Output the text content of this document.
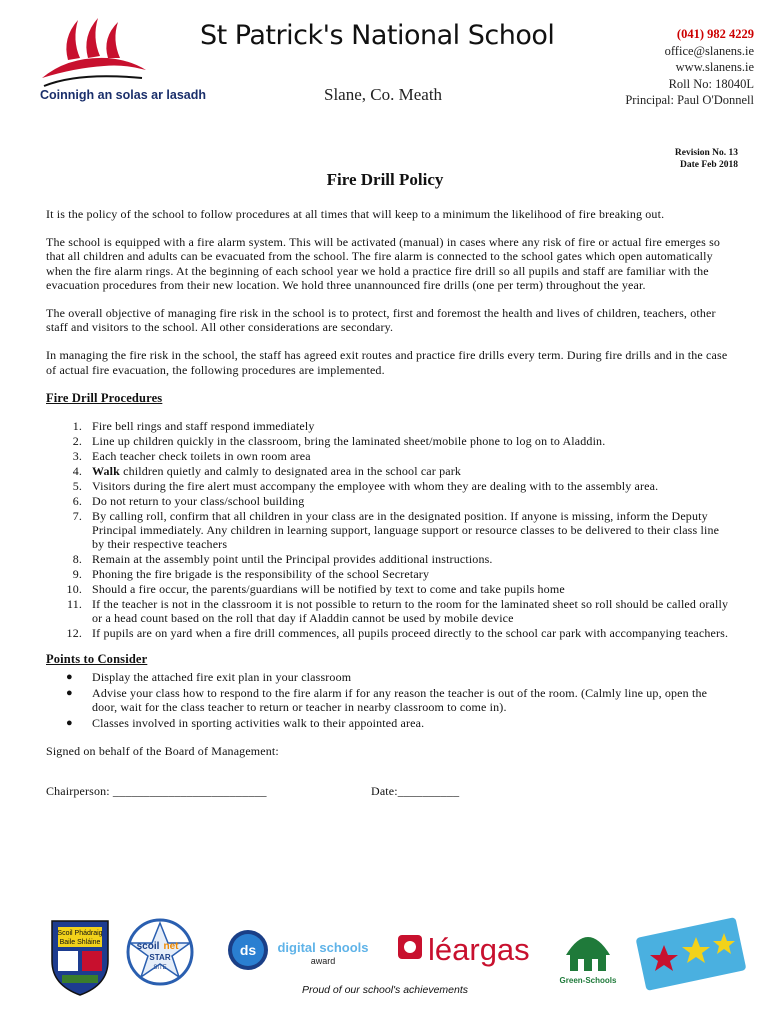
Coinnigh an solas ar lasadh
St Patrick's National School
Slane, Co. Meath
(041) 982 4229
office@slanens.ie
www.slanens.ie
Roll No: 18040L
Principal: Paul O'Donnell
Revision No. 13
Date Feb 2018
Fire Drill Policy

It is the policy of the school to follow procedures at all times that will keep to a minimum the likelihood of fire breaking out.

The school is equipped with a fire alarm system. This will be activated (manual) in cases where any risk of fire or actual fire emerges so that all children and adults can be evacuated from the school. The fire alarm is connected to the school gates which open automatically when the fire alarm rings. At the beginning of each school year we hold a practice fire drill so all pupils and staff are familiar with the evacuation procedures from their new location. We hold three unannounced fire drills (one per term) throughout the year.

The overall objective of managing fire risk in the school is to protect, first and foremost the health and lives of children, teachers, other staff and visitors to the school. All other considerations are secondary.

In managing the fire risk in the school, the staff has agreed exit routes and practice fire drills every term. During fire drills and in the case of actual fire evacuation, the following procedures are implemented.

Fire Drill Procedures
1. Fire bell rings and staff respond immediately
2. Line up children quickly in the classroom, bring the laminated sheet/mobile phone to log on to Aladdin.
3. Each teacher check toilets in own room area
4. Walk children quietly and calmly to designated area in the school car park
5. Visitors during the fire alert must accompany the employee with whom they are dealing with to the assembly area.
6. Do not return to your class/school building
7. By calling roll, confirm that all children in your class are in the designated position. If anyone is missing, inform the Deputy Principal immediately. Any children in learning support, language support or resource classes to be delivered to their class line by their respective teachers
8. Remain at the assembly point until the Principal provides additional instructions.
9. Phoning the fire brigade is the responsibility of the school Secretary
10. Should a fire occur, the parents/guardians will be notified by text to come and take pupils home
11. If the teacher is not in the classroom it is not possible to return to the room for the laminated sheet so roll should be called orally or a head count based on the roll that day if Aladdin cannot be used by mobile device
12. If pupils are on yard when a fire drill commences, all pupils proceed directly to the school car park with accompanying teachers.
Points to Consider
● Display the attached fire exit plan in your classroom
● Advise your class how to respond to the fire alarm if for any reason the teacher is out of the room. (Calmly line up, open the door, wait for the class teacher to return or teacher in nearby classroom to come in).
● Classes involved in sporting activities walk to their appointed area.

Signed on behalf of the Board of Management:

Chairperson: _________________________	Date:__________
Scoil Phádraig
Baile Shláine	scoil net
STAR
SITE
ds digital schools
award	léargas
Green-Schools
Proud of our school's achievements
